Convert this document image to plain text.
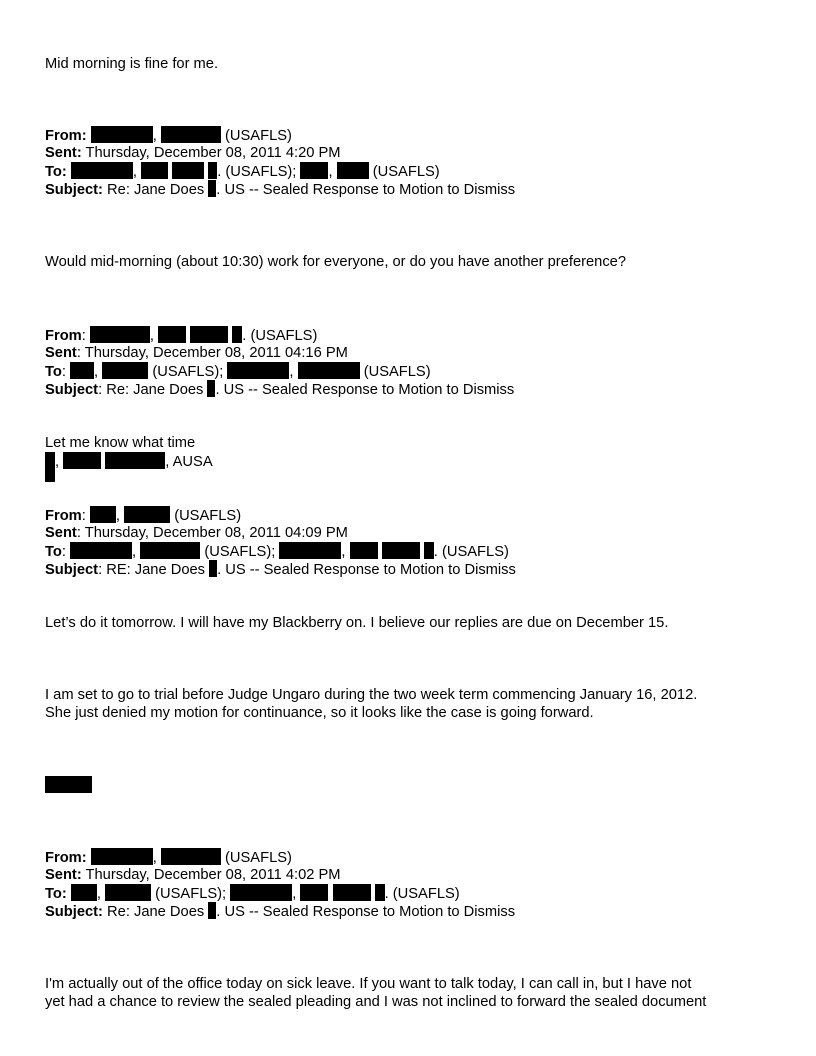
Mid morning is fine for me.
From:	,	(USAFLS)
Sent: Thursday, December 08, 2011 4:20 PM
To:	,	. (USAFLS); ,	(USAFLS)
Subject: Re: Jane Does . US -- Sealed Response to Motion to Dismiss
Would mid-morning (about 10:30) work for everyone, or do you have another preference?
From:	,	. (USAFLS)
Sent: Thursday, December 08, 2011 04:16 PM
To: ,	(USAFLS);	,	(USAFLS)
Subject: Re: Jane Does . US -- Sealed Response to Motion to Dismiss
Let me know what time
,	, AUSA
From: ,	(USAFLS)
Sent: Thursday, December 08, 2011 04:09 PM
To:	,	(USAFLS);	,	. (USAFLS)
Subject: RE: Jane Does . US -- Sealed Response to Motion to Dismiss
Let’s do it tomorrow. I will have my Blackberry on. I believe our replies are due on December 15.
I am set to go to trial before Judge Ungaro during the two week term commencing January 16, 2012.
She just denied my motion for continuance, so it looks like the case is going forward.
From:	,	(USAFLS)
Sent: Thursday, December 08, 2011 4:02 PM
To: ,	(USAFLS);	,	. (USAFLS)
Subject: Re: Jane Does . US -- Sealed Response to Motion to Dismiss
I'm actually out of the office today on sick leave. If you want to talk today, I can call in, but I have not
yet had a chance to review the sealed pleading and I was not inclined to forward the sealed document
